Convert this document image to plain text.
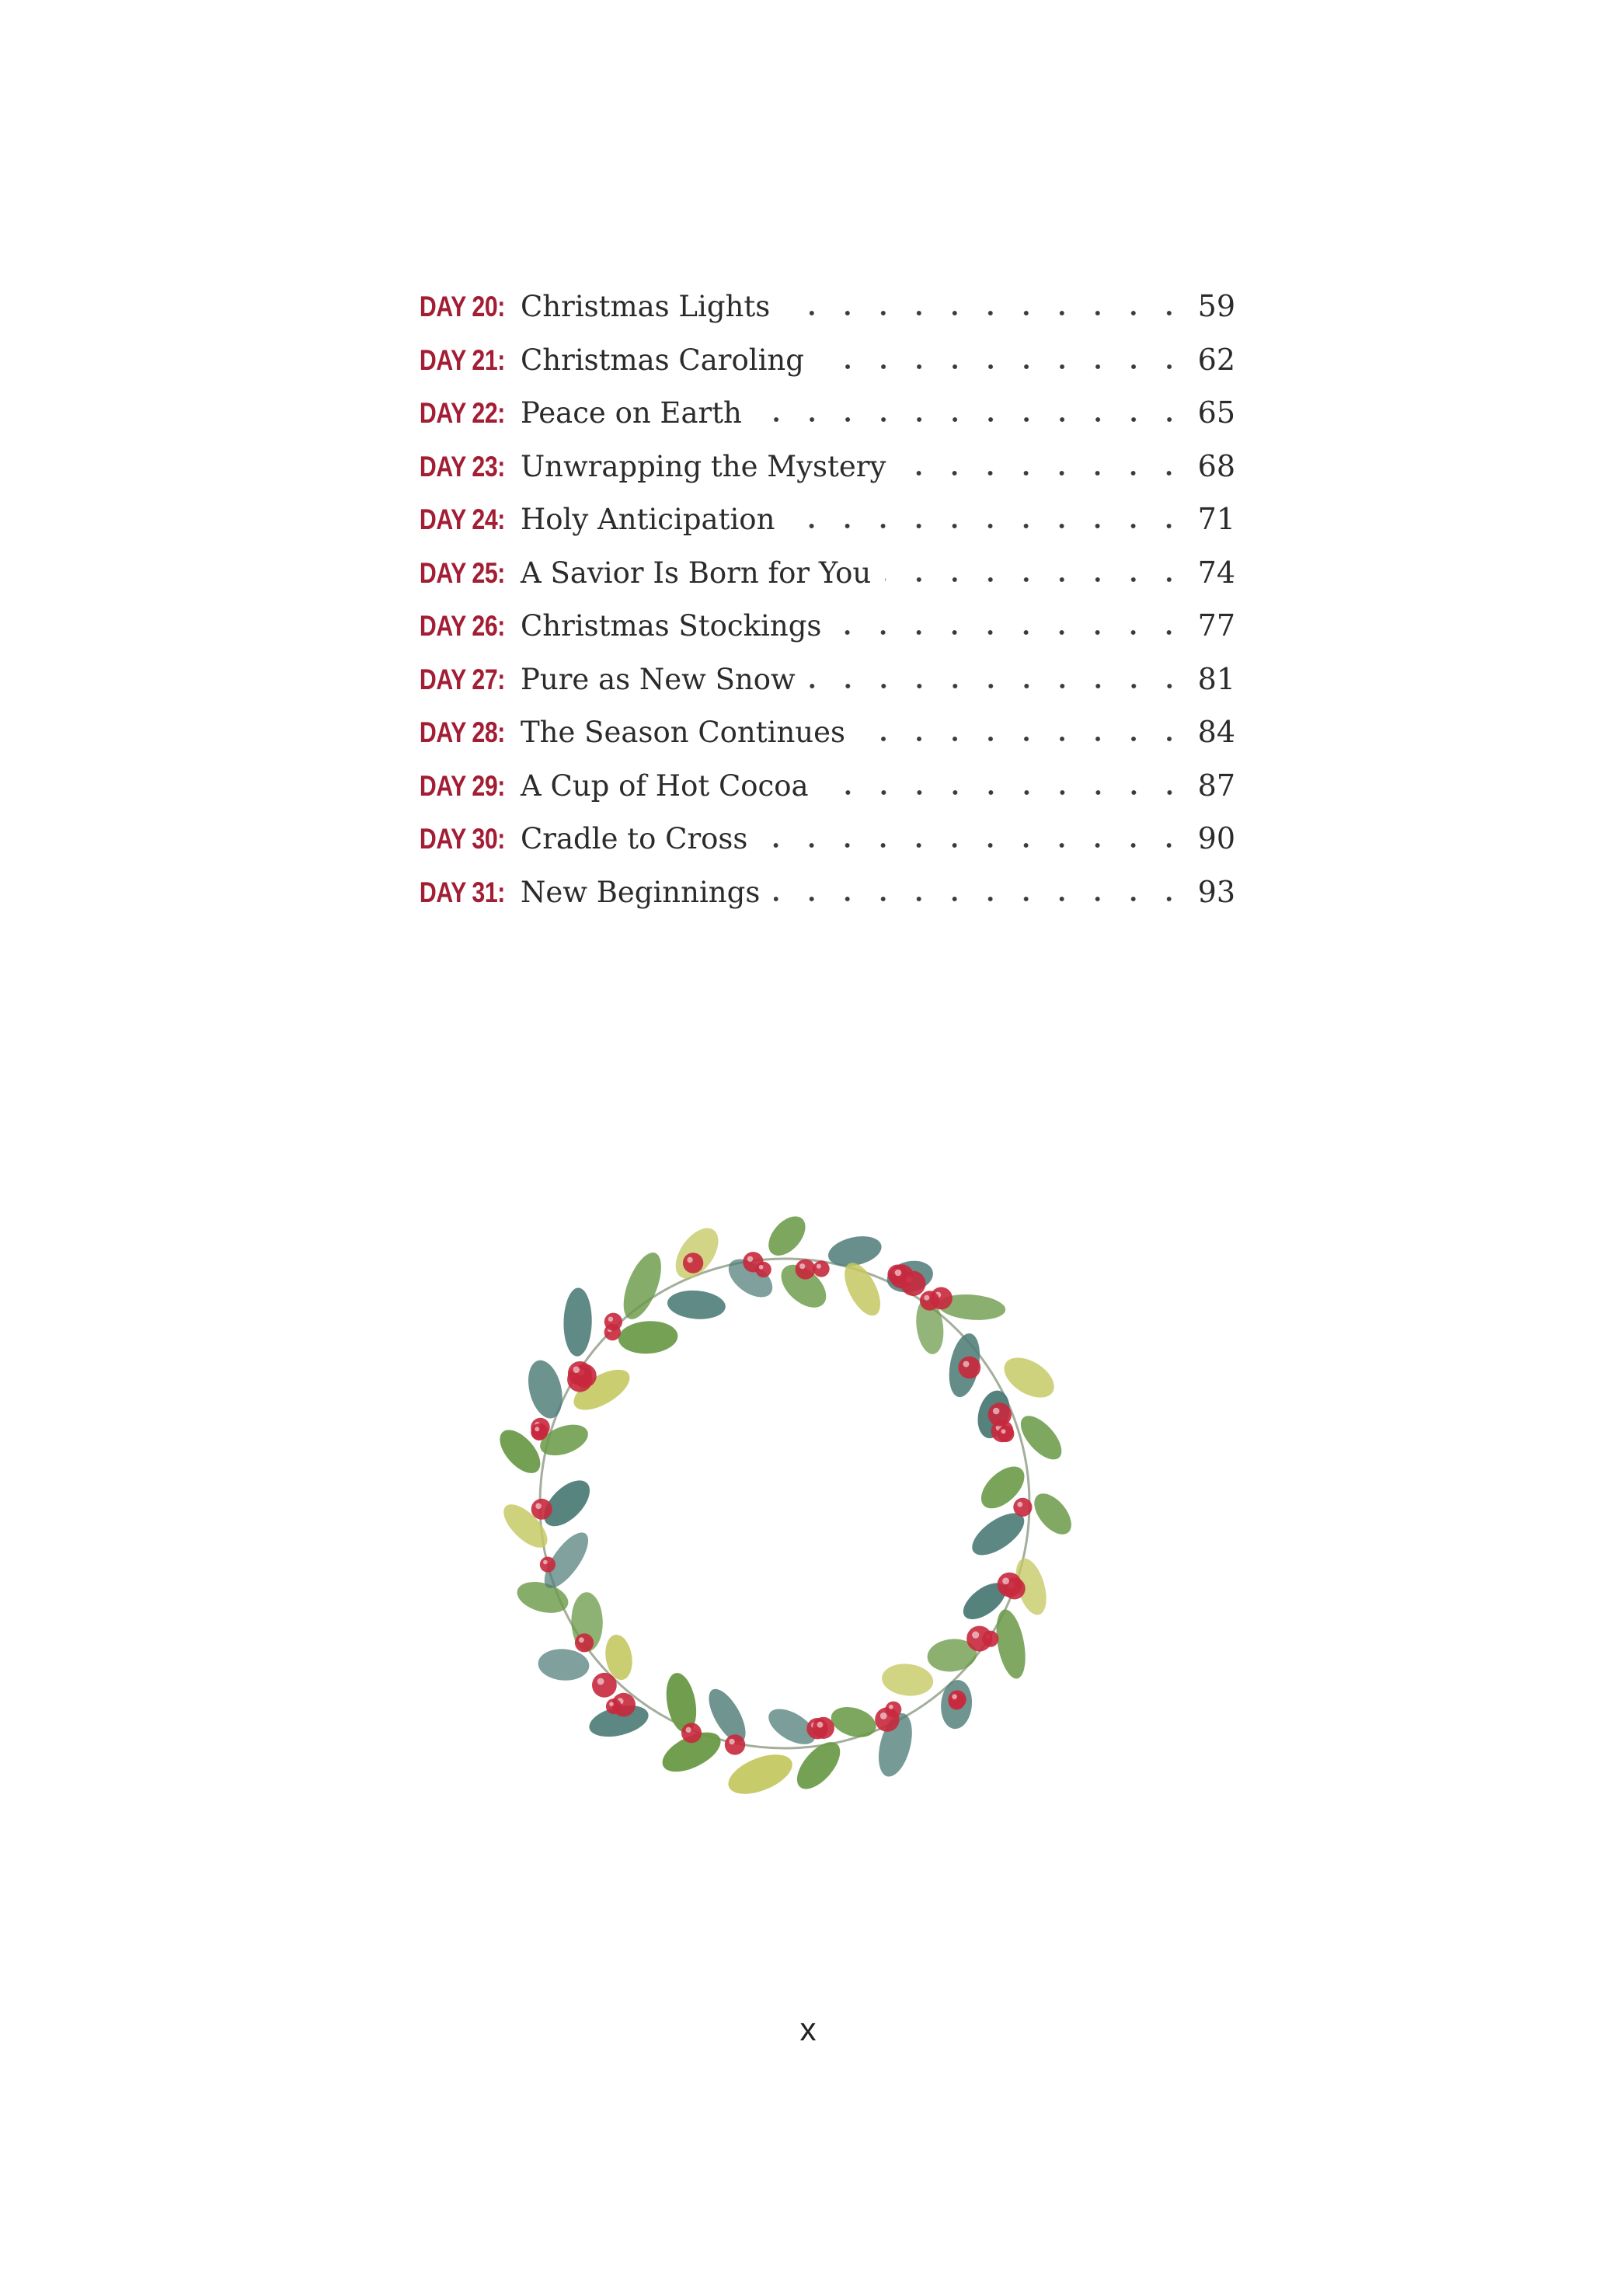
DAY 20: Christmas Lights	59
DAY 21: Christmas Caroling	62
DAY 22: Peace on Earth	65
DAY 23: Unwrapping the Mystery	68
DAY 24: Holy Anticipation	71
DAY 25: A Savior Is Born for You	74
DAY 26: Christmas Stockings	77
DAY 27: Pure as New Snow	81
DAY 28: The Season Continues	84
DAY 29: A Cup of Hot Cocoa	87
DAY 30: Cradle to Cross	90
DAY 31: New Beginnings	93
x
